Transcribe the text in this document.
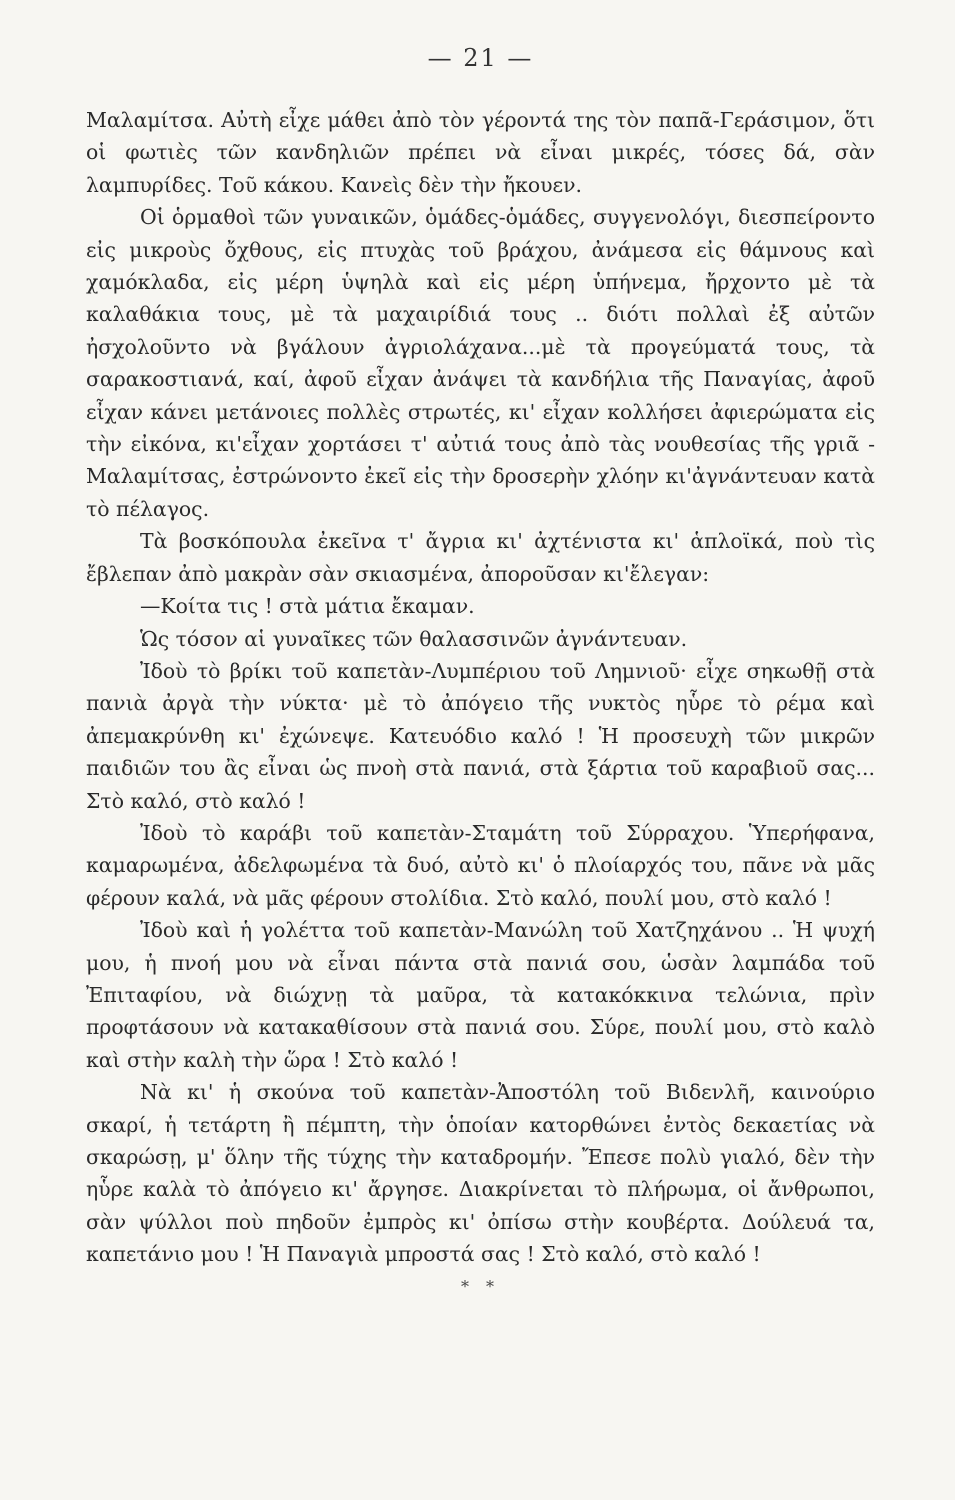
— 21 —

Μαλαμίτσα. Αὐτὴ εἶχε μάθει ἀπὸ τὸν γέροντά της τὸν παπᾶ-Γεράσιμον, ὅτι οἱ φωτιὲς τῶν κανδηλιῶν πρέπει νὰ εἶναι μικρές, τόσες δά, σὰν λαμπυρίδες. Τοῦ κάκου. Κανεὶς δὲν τὴν ἤκουεν.

Οἱ ὁρμαθοὶ τῶν γυναικῶν, ὁμάδες-ὁμάδες, συγγενολόγι, διεσπείροντο εἰς μικροὺς ὄχθους, εἰς πτυχὰς τοῦ βράχου, ἀνάμεσα εἰς θάμνους καὶ χαμόκλαδα, εἰς μέρη ὑψηλὰ καὶ εἰς μέρη ὑπήνεμα, ἤρχοντο μὲ τὰ καλαθάκια τους, μὲ τὰ μαχαιρίδιά τους .. διότι πολλαὶ ἐξ αὐτῶν ἠσχολοῦντο νὰ βγάλουν ἀγριολάχανα...μὲ τὰ προγεύματά τους, τὰ σαρακοστιανά, καί, ἀφοῦ εἶχαν ἀνάψει τὰ κανδήλια τῆς Παναγίας, ἀφοῦ εἶχαν κάνει μετάνοιες πολλὲς στρωτές, κι' εἶχαν κολλήσει ἀφιερώματα εἰς τὴν εἰκόνα, κι'εἶχαν χορτάσει τ' αὐτιά τους ἀπὸ τὰς νουθεσίας τῆς γριᾶ - Μαλαμίτσας, ἐστρώνοντο ἐκεῖ εἰς τὴν δροσερὴν χλόην κι'ἀγνάντευαν κατὰ τὸ πέλαγος.

Τὰ βοσκόπουλα ἐκεῖνα τ' ἄγρια κι' ἀχτένιστα κι' ἁπλοϊκά, ποὺ τὶς ἔβλεπαν ἀπὸ μακρὰν σὰν σκιασμένα, ἀποροῦσαν κι'ἔλεγαν:

—Κοίτα τις ! στὰ μάτια ἔκαμαν.

Ὡς τόσον αἱ γυναῖκες τῶν θαλασσινῶν ἀγνάντευαν.

Ἰδοὺ τὸ βρίκι τοῦ καπετὰν-Λυμπέριου τοῦ Λημνιοῦ· εἶχε σηκωθῇ στὰ πανιὰ ἀργὰ τὴν νύκτα· μὲ τὸ ἀπόγειο τῆς νυκτὸς ηὗρε τὸ ρέμα καὶ ἀπεμακρύνθη κι' ἐχώνεψε. Κατευόδιο καλό ! Ἡ προσευχὴ τῶν μικρῶν παιδιῶν του ἂς εἶναι ὡς πνοὴ στὰ πανιά, στὰ ξάρτια τοῦ καραβιοῦ σας... Στὸ καλό, στὸ καλό !

Ἰδοὺ τὸ καράβι τοῦ καπετὰν-Σταμάτη τοῦ Σύρραχου. Ὑπερήφανα, καμαρωμένα, ἀδελφωμένα τὰ δυό, αὐτὸ κι' ὁ πλοίαρχός του, πᾶνε νὰ μᾶς φέρουν καλά, νὰ μᾶς φέρουν στολίδια. Στὸ καλό, πουλί μου, στὸ καλό !

Ἰδοὺ καὶ ἡ γολέττα τοῦ καπετὰν-Μανώλη τοῦ Χατζηχάνου .. Ἡ ψυχή μου, ἡ πνοή μου νὰ εἶναι πάντα στὰ πανιά σου, ὡσὰν λαμπάδα τοῦ Ἐπιταφίου, νὰ διώχνῃ τὰ μαῦρα, τὰ κατακόκκινα τελώνια, πρὶν προφτάσουν νὰ κατακαθίσουν στὰ πανιά σου. Σύρε, πουλί μου, στὸ καλὸ καὶ στὴν καλὴ τὴν ὥρα ! Στὸ καλό !

Νὰ κι' ἡ σκούνα τοῦ καπετὰν-Ἀποστόλη τοῦ Βιδενλῆ, καινούριο σκαρί, ἡ τετάρτη ἢ πέμπτη, τὴν ὁποίαν κατορθώνει ἐντὸς δεκαετίας νὰ σκαρώσῃ, μ' ὅλην τῆς τύχης τὴν καταδρομήν. Ἔπεσε πολὺ γιαλό, δὲν τὴν ηὗρε καλὰ τὸ ἀπόγειο κι' ἄργησε. Διακρίνεται τὸ πλήρωμα, οἱ ἄνθρωποι, σὰν ψύλλοι ποὺ πηδοῦν ἐμπρὸς κι' ὀπίσω στὴν κουβέρτα. Δούλευά τα, καπετάνιο μου ! Ἡ Παναγιὰ μπροστά σας ! Στὸ καλό, στὸ καλό !

* *
